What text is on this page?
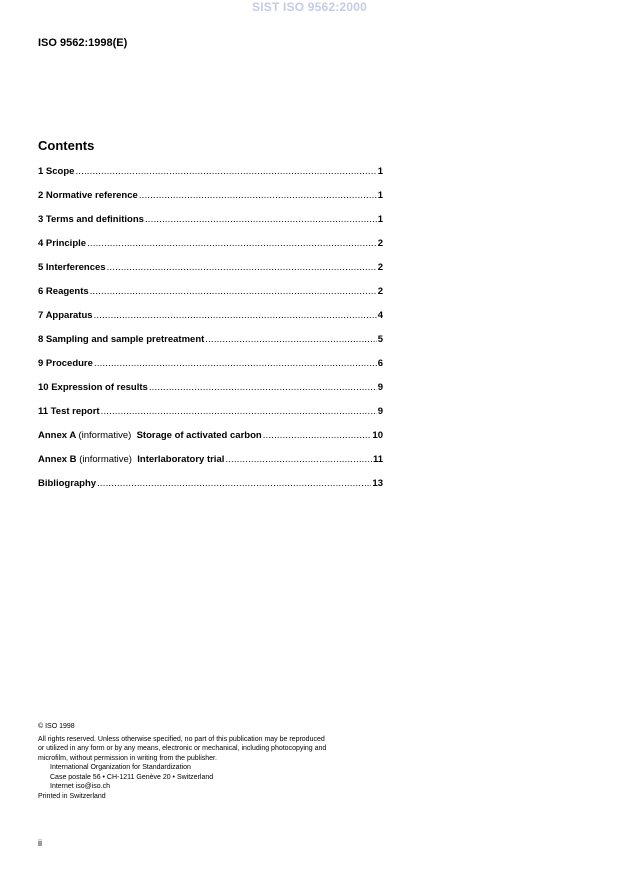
SIST ISO 9562:2000
ISO 9562:1998(E)
Contents
1 Scope .....	1
2 Normative reference .....	1
3 Terms and definitions .....	1
4 Principle .....	2
5 Interferences .....	2
6 Reagents .....	2
7 Apparatus .....	4
8 Sampling and sample pretreatment .....	5
9 Procedure .....	6
10 Expression of results .....	9
11 Test report .....	9
Annex A (informative) Storage of activated carbon .....	10
Annex B (informative) Interlaboratory trial .....	11
Bibliography .....	13
© ISO 1998
All rights reserved. Unless otherwise specified, no part of this publication may be reproduced
or utilized in any form or by any means, electronic or mechanical, including photocopying and
microfilm, without permission in writing from the publisher.
International Organization for Standardization
Case postale 56 • CH-1211 Genève 20 • Switzerland
Internet iso@iso.ch
Printed in Switzerland
ii
